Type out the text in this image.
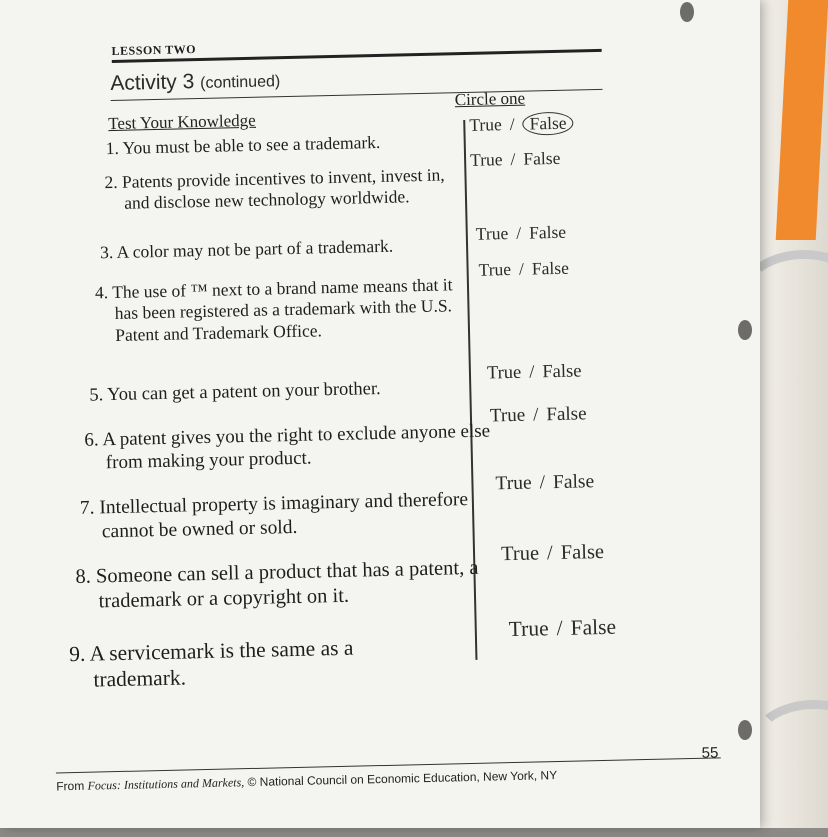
LESSON TWO
Activity 3 (continued)
Test Your Knowledge
Circle one
1. You must be able to see a trademark.
True / False
2. Patents provide incentives to invent, invest in, and disclose new technology worldwide.
True / False
3. A color may not be part of a trademark.
True / False
4. The use of ™ next to a brand name means that it has been registered as a trademark with the U.S. Patent and Trademark Office.
True / False
5. You can get a patent on your brother.
True / False
6. A patent gives you the right to exclude anyone else from making your product.
True / False
7. Intellectual property is imaginary and therefore cannot be owned or sold.
True / False
8. Someone can sell a product that has a patent, a trademark or a copyright on it.
True / False
9. A servicemark is the same as a trademark.
True / False
From Focus: Institutions and Markets, © National Council on Economic Education, New York, NY
55
